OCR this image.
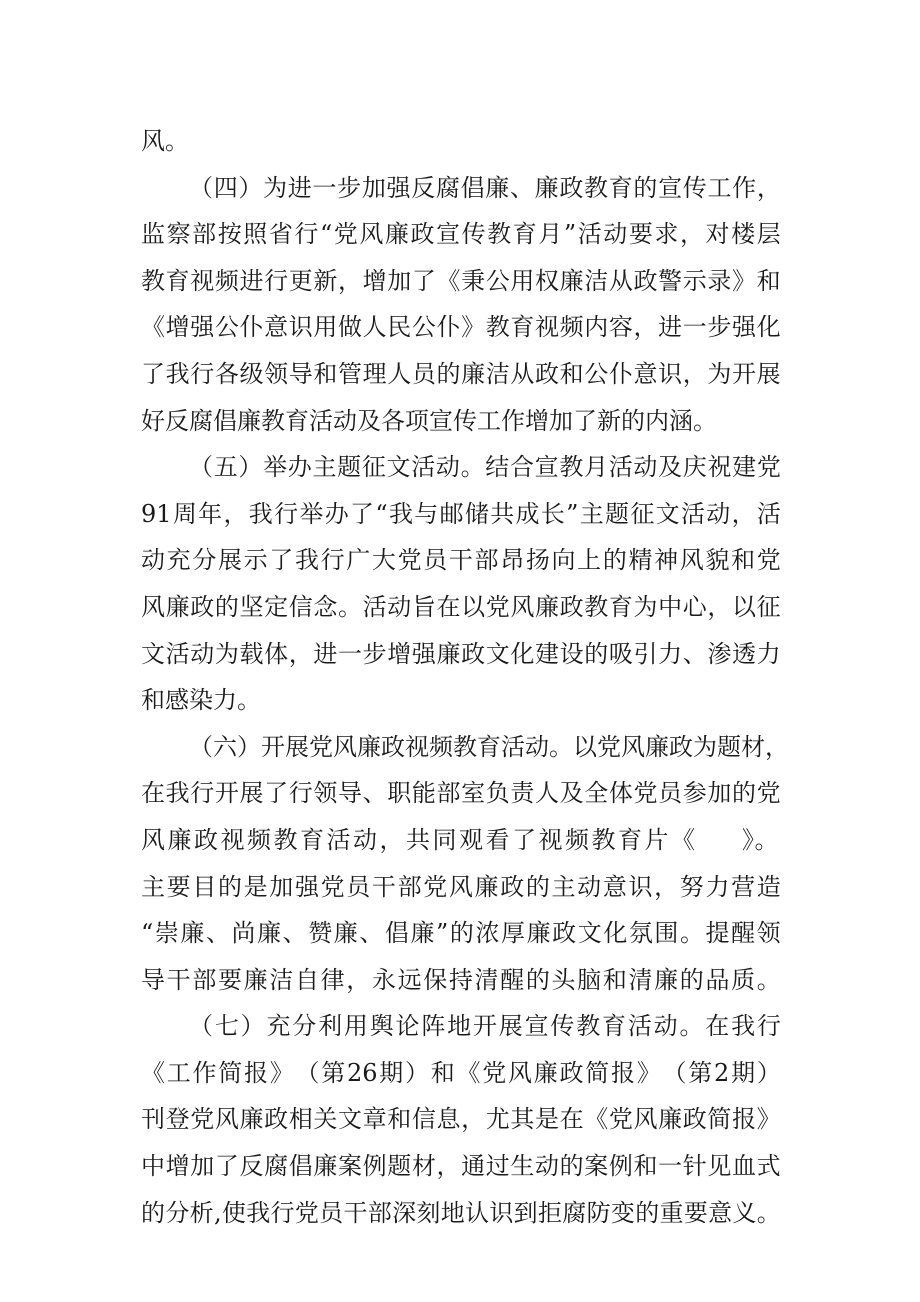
风 。
（ 四 ） 为 进 一 步 加 强 反 腐 倡 廉 、 廉 政 教 育 的 宣 传 工 作 ，
监 察 部 按 照 省 行 “ 党 风 廉 政 宣 传 教 育 月 ” 活 动 要 求 ， 对 楼 层
教 育 视 频 进 行 更 新 ， 增 加 了 《 秉 公 用 权 廉 洁 从 政 警 示 录 》 和
《 增 强 公 仆 意 识 用 做 人 民 公 仆 》 教 育 视 频 内 容 ， 进 一 步 强 化
了 我 行 各 级 领 导 和 管 理 人 员 的 廉 洁 从 政 和 公 仆 意 识 ， 为 开 展
好 反 腐 倡 廉 教 育 活 动 及 各 项 宣 传 工 作 增 加 了 新 的 内 涵 。
（ 五 ） 举 办 主 题 征 文 活 动 。 结 合 宣 教 月 活 动 及 庆 祝 建 党
91 周 年 ， 我 行 举 办 了 “ 我 与 邮 储 共 成 长 ” 主 题 征 文 活 动 ， 活
动 充 分 展 示 了 我 行 广 大 党 员 干 部 昂 扬 向 上 的 精 神 风 貌 和 党
风 廉 政 的 坚 定 信 念 。 活 动 旨 在 以 党 风 廉 政 教 育 为 中 心 ， 以 征
文 活 动 为 载 体 ， 进 一 步 增 强 廉 政 文 化 建 设 的 吸 引 力 、 渗 透 力
和 感 染 力 。
（ 六 ） 开 展 党 风 廉 政 视 频 教 育 活 动 。 以 党 风 廉 政 为 题 材 ，
在 我 行 开 展 了 行 领 导 、 职 能 部 室 负 责 人 及 全 体 党 员 参 加 的 党
风 廉 政 视 频 教 育 活 动 ， 共 同 观 看 了 视 频 教 育 片 《 》。
主 要 目 的 是 加 强 党 员 干 部 党 风 廉 政 的 主 动 意 识 ， 努 力 营 造
“ 崇 廉 、 尚 廉 、 赞 廉 、 倡 廉 ” 的 浓 厚 廉 政 文 化 氛 围 。 提 醒 领
导 干 部 要 廉 洁 自 律 ， 永 远 保 持 清 醒 的 头 脑 和 清 廉 的 品 质 。
（ 七 ） 充 分 利 用 舆 论 阵 地 开 展 宣 传 教 育 活 动 。 在 我 行
《 工 作 简 报 》 （ 第 26 期 ） 和 《 党 风 廉 政 简 报 》 （ 第 2 期 ）
刊 登 党 风 廉 政 相 关 文 章 和 信 息 ， 尤 其 是 在 《 党 风 廉 政 简 报 》
中 增 加 了 反 腐 倡 廉 案 例 题 材 ， 通 过 生 动 的 案 例 和 一 针 见 血 式
的 分 析 , 使 我 行 党 员 干 部 深 刻 地 认 识 到 拒 腐 防 变 的 重 要 意 义 。
